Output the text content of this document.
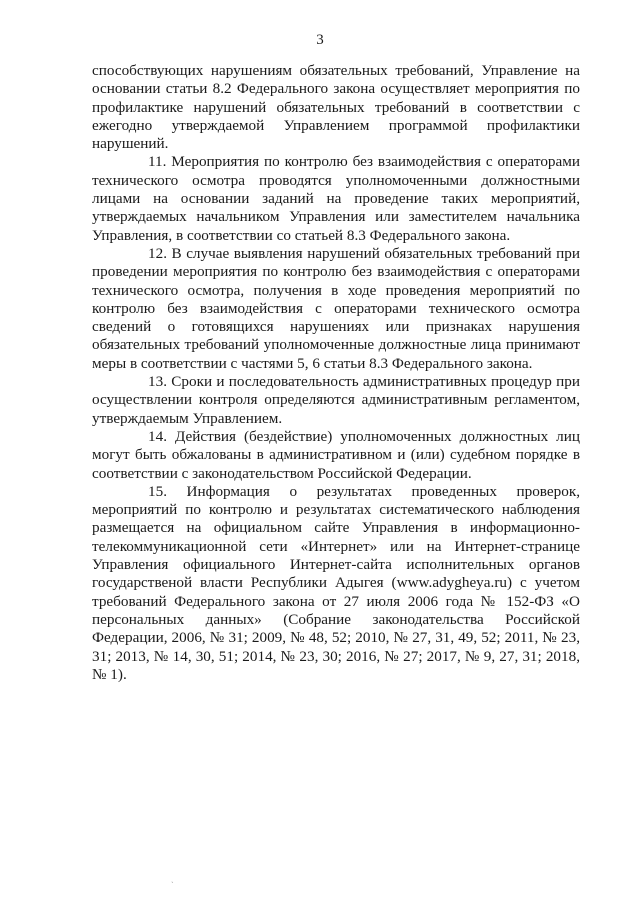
3

способствующих нарушениям обязательных требований, Управление на основании статьи 8.2 Федерального закона осуществляет мероприятия по профилактике нарушений обязательных требований в соответствии с ежегодно утверждаемой Управлением программой профилактики нарушений.

11. Мероприятия по контролю без взаимодействия с операторами технического осмотра проводятся уполномоченными должностными лицами на основании заданий на проведение таких мероприятий, утверждаемых начальником Управления или заместителем начальника Управления, в соответствии со статьей 8.3 Федерального закона.

12. В случае выявления нарушений обязательных требований при проведении мероприятия по контролю без взаимодействия с операторами технического осмотра, получения в ходе проведения мероприятий по контролю без взаимодействия с операторами технического осмотра сведений о готовящихся нарушениях или признаках нарушения обязательных требований уполномоченные должностные лица принимают меры в соответствии с частями 5, 6 статьи 8.3 Федерального закона.

13. Сроки и последовательность административных процедур при осуществлении контроля определяются административным регламентом, утверждаемым Управлением.

14. Действия (бездействие) уполномоченных должностных лиц могут быть обжалованы в административном и (или) судебном порядке в соответствии с законодательством Российской Федерации.

15. Информация о результатах проведенных проверок, мероприятий по контролю и результатах систематического наблюдения размещается на официальном сайте Управления в информационно-телекоммуникационной сети «Интернет» или на Интернет-странице Управления официального Интернет-сайта исполнительных органов государственой власти Республики Адыгея (www.adygheya.ru) с учетом требований Федерального закона от 27 июля 2006 года № 152-ФЗ «О персональных данных» (Собрание законодательства Российской Федерации, 2006, № 31; 2009, № 48, 52; 2010, № 27, 31, 49, 52; 2011, № 23, 31; 2013, № 14, 30, 51; 2014, № 23, 30; 2016, № 27; 2017, № 9, 27, 31; 2018, № 1).

ˎ
